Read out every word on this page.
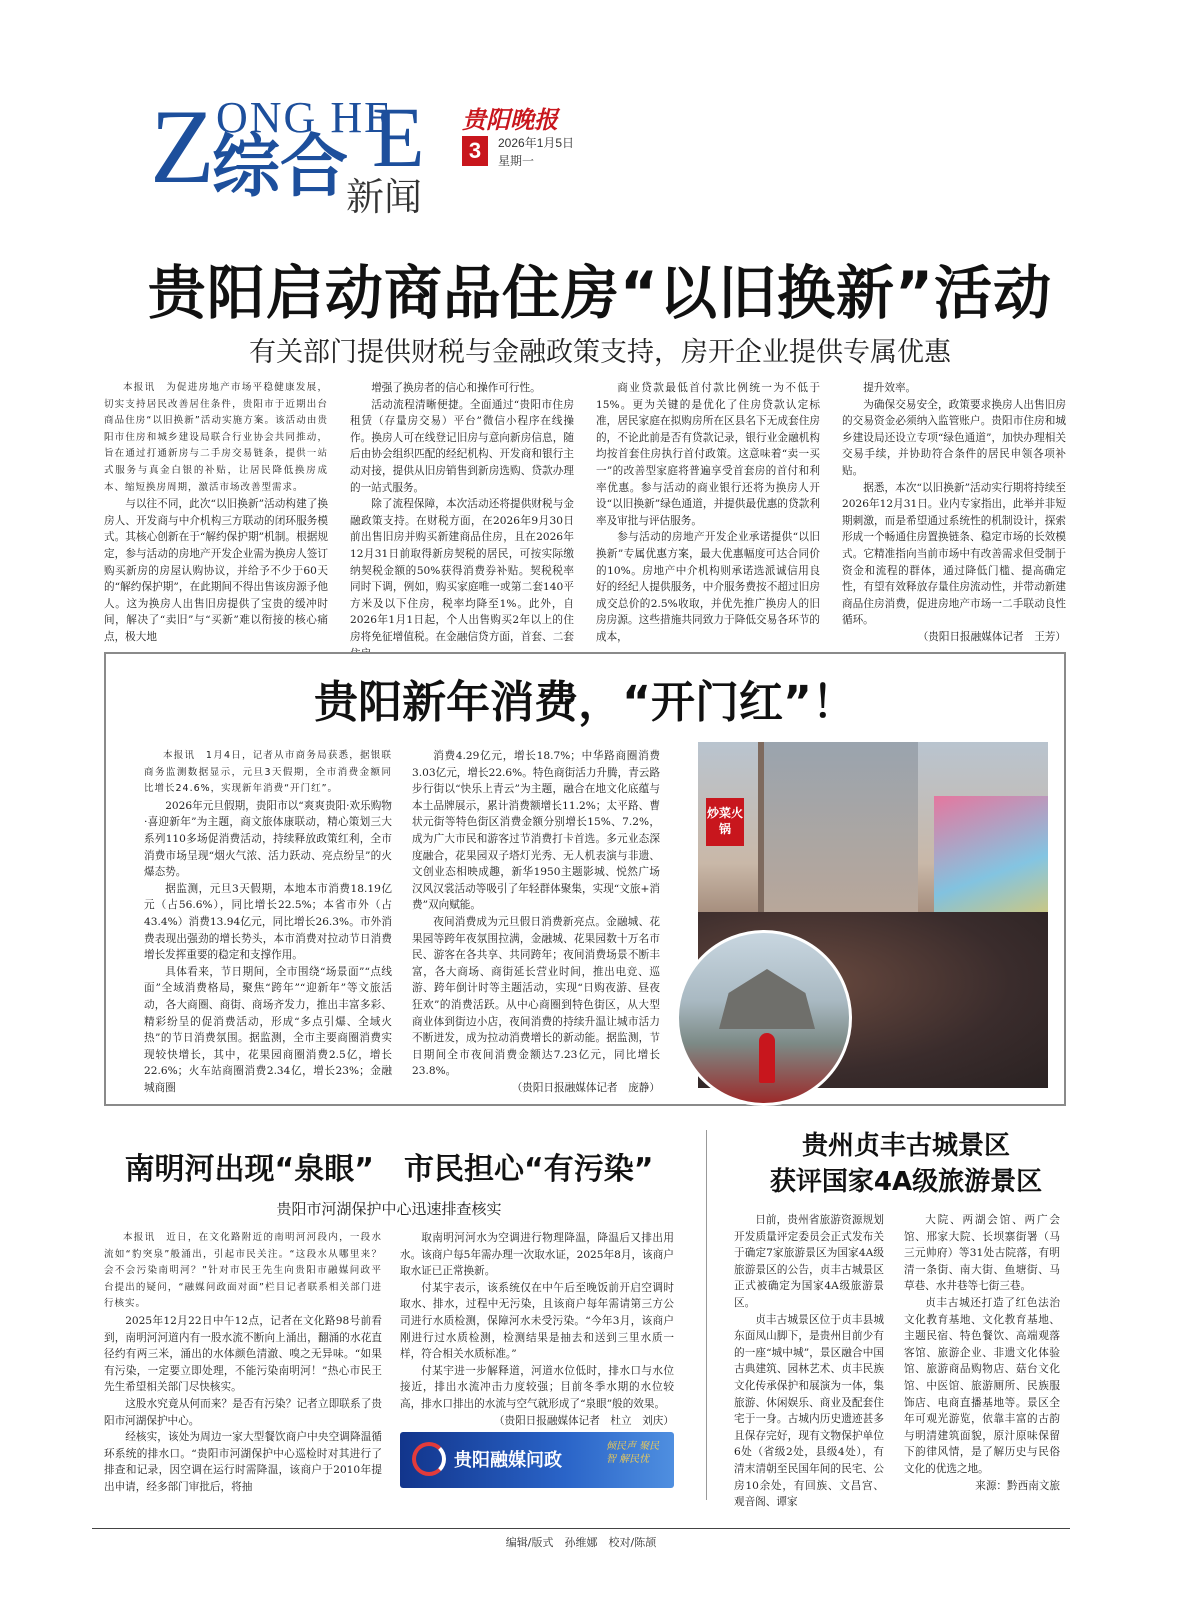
Z ONG HE
E
综合
新闻
贵阳晚报
3	2026年1月5日
星期一
贵阳启动商品住房“以旧换新”活动
有关部门提供财税与金融政策支持，房开企业提供专属优惠

本报讯　为促进房地产市场平稳健康发展，切实支持居民改善居住条件，贵阳市于近期出台商品住房“以旧换新”活动实施方案。该活动由贵阳市住房和城乡建设局联合行业协会共同推动，旨在通过打通新房与二手房交易链条，提供一站式服务与真金白银的补贴，让居民降低换房成本、缩短换房周期，激活市场改善型需求。

与以往不同，此次“以旧换新”活动构建了换房人、开发商与中介机构三方联动的闭环服务模式。其核心创新在于“解约保护期”机制。根据规定，参与活动的房地产开发企业需为换房人签订购买新房的房屋认购协议，并给予不少于60天的“解约保护期”，在此期间不得出售该房源予他人。这为换房人出售旧房提供了宝贵的缓冲时间，解决了“卖旧”与“买新”难以衔接的核心痛点，极大地

增强了换房者的信心和操作可行性。

活动流程清晰便捷。全面通过“贵阳市住房租赁（存量房交易）平台”微信小程序在线操作。换房人可在线登记旧房与意向新房信息，随后由协会组织匹配的经纪机构、开发商和银行主动对接，提供从旧房销售到新房选购、贷款办理的一站式服务。

除了流程保障，本次活动还将提供财税与金融政策支持。在财税方面，在2026年9月30日前出售旧房并购买新建商品住房，且在2026年12月31日前取得新房契税的居民，可按实际缴纳契税金额的50%获得消费券补贴。契税税率同时下调，例如，购买家庭唯一或第二套140平方米及以下住房，税率均降至1%。此外，自2026年1月1日起，个人出售购买2年以上的住房将免征增值税。在金融信贷方面，首套、二套

商业贷款最低首付款比例统一为不低于15%。更为关键的是优化了住房贷款认定标准，居民家庭在拟购房所在区县名下无成套住房的，不论此前是否有贷款记录，银行业金融机构均按首套住房执行首付政策。这意味着“卖一买一”的改善型家庭将普遍享受首套房的首付和利率优惠。参与活动的商业银行还将为换房人开设“以旧换新”绿色通道，并提供最优惠的贷款利率及审批与评估服务。

参与活动的房地产开发企业承诺提供“以旧换新”专属优惠方案，最大优惠幅度可达合同价的10%。房地产中介机构则承诺选派诚信用良好的经纪人提供服务，中介服务费按不超过旧房成交总价的2.5%收取，并优先推广换房人的旧房房源。这些措施共同致力于降低交易各环节的成本，

提升效率。

为确保交易安全，政策要求换房人出售旧房的交易资金必须纳入监管账户。贵阳市住房和城乡建设局还设立专项“绿色通道”，加快办理相关交易手续，并协助符合条件的居民申领各项补贴。

据悉，本次“以旧换新”活动实行期将持续至2026年12月31日。业内专家指出，此举并非短期刺激，而是希望通过系统性的机制设计，探索形成一个畅通住房置换链条、稳定市场的长效模式。它精准指向当前市场中有改善需求但受制于资金和流程的群体，通过降低门槛、提高确定性，有望有效释放存量住房流动性，并带动新建商品住房消费，促进房地产市场一二手联动良性循环。

（贵阳日报融媒体记者　王芳）

贵阳新年消费，“开门红”！

本报讯　1月4日，记者从市商务局获悉，据银联商务监测数据显示，元旦3天假期，全市消费金额同比增长24.6%，实现新年消费“开门红”。

2026年元旦假期，贵阳市以“爽爽贵阳·欢乐购物·喜迎新年”为主题，商文旅体康联动，精心策划三大系列110多场促消费活动，持续释放政策红利，全市消费市场呈现“烟火气浓、活力跃动、亮点纷呈”的火爆态势。

据监测，元旦3天假期，本地本市消费18.19亿元（占56.6%），同比增长22.5%；本省市外（占43.4%）消费13.94亿元，同比增长26.3%。市外消费表现出强劲的增长势头，本市消费对拉动节日消费增长发挥重要的稳定和支撑作用。

具体看来，节日期间，全市围绕“场景面”“点线面”全域消费格局，聚焦“跨年”“迎新年”等文旅活动，各大商圈、商街、商场齐发力，推出丰富多彩、精彩纷呈的促消费活动，形成“多点引爆、全域火热”的节日消费氛围。据监测，全市主要商圈消费实现较快增长，其中，花果园商圈消费2.5亿，增长22.6%；火车站商圈消费2.34亿，增长23%；金融城商圈

消费4.29亿元，增长18.7%；中华路商圈消费3.03亿元，增长22.6%。特色商街活力升腾，青云路步行街以“快乐上青云”为主题，融合在地文化底蕴与本土品牌展示，累计消费额增长11.2%；太平路、曹状元街等特色街区消费金额分别增长15%、7.2%，成为广大市民和游客过节消费打卡首选。多元业态深度融合，花果园双子塔灯光秀、无人机表演与非遗、文创业态相映成趣，新华1950主题影城、悦然广场汉风汉裳活动等吸引了年轻群体聚集，实现“文旅+消费”双向赋能。

夜间消费成为元旦假日消费新亮点。金融城、花果园等跨年夜氛围拉满，金融城、花果园数十万名市民、游客在各共享、共同跨年；夜间消费场景不断丰富，各大商场、商街延长营业时间，推出电竞、巡游、跨年倒计时等主题活动，实现“日购夜游、昼夜狂欢”的消费活跃。从中心商圈到特色街区，从大型商业体到街边小店，夜间消费的持续升温让城市活力不断迸发，成为拉动消费增长的新动能。据监测，节日期间全市夜间消费金额达7.23亿元，同比增长23.8%。

（贵阳日报融媒体记者　庞静）

炒菜火锅
南明河出现“泉眼”　市民担心“有污染”
贵阳市河湖保护中心迅速排查核实

本报讯　近日，在文化路附近的南明河河段内，一段水流如“豹突泉”般涌出，引起市民关注。“这段水从哪里来？会不会污染南明河？”针对市民王先生向贵阳市融媒问政平台提出的疑问，“融媒问政面对面”栏目记者联系相关部门进行核实。

2025年12月22日中午12点，记者在文化路98号前看到，南明河河道内有一股水流不断向上涌出，翻涌的水花直径约有两三米，涌出的水体颜色清澈、嗅之无异味。“如果有污染，一定要立即处理，不能污染南明河！”热心市民王先生希望相关部门尽快核实。

这股水究竟从何而来？是否有污染？记者立即联系了贵阳市河湖保护中心。

经核实，该处为周边一家大型餐饮商户中央空调降温循环系统的排水口。“贵阳市河湖保护中心巡检时对其进行了排查和记录，因空调在运行时需降温，该商户于2010年提出申请，经多部门审批后，将抽

取南明河河水为空调进行物理降温，降温后又排出用水。该商户每5年需办理一次取水证，2025年8月，该商户取水证已正常换新。

付某宇表示，该系统仅在中午后至晚饭前开启空调时取水、排水，过程中无污染，且该商户每年需请第三方公司进行水质检测，保障河水未受污染。“今年3月，该商户刚进行过水质检测，检测结果是抽去和送到三里水质一样，符合相关水质标准。”

付某宇进一步解释道，河道水位低时，排水口与水位接近，排出水流冲击力度较强；目前冬季水期的水位较高，排水口排出的水流与空气就形成了“泉眼”般的效果。

（贵阳日报融媒体记者　杜立　刘庆）

贵阳融媒问政
倾民声 聚民智 解民忧
贵州贞丰古城景区
获评国家4A级旅游景区

日前，贵州省旅游资源规划开发质量评定委员会正式发布关于确定7家旅游景区为国家4A级旅游景区的公告，贞丰古城景区正式被确定为国家4A级旅游景区。

贞丰古城景区位于贞丰县城东面凤山脚下，是贵州目前少有的一座“城中城”，景区融合中国古典建筑、园林艺术、贞丰民族文化传承保护和展演为一体，集旅游、休闲娱乐、商业及配套住宅于一身。古城内历史遗迹甚多且保存完好，现有文物保护单位6处（省级2处，县级4处），有清末清朝至民国年间的民宅、公房10余处，有回族、文昌宫、观音阁、谭家

大院、两湖会馆、两广会馆、邢家大院、长坝寨街署（马三元帅府）等31处古院落，有明清一条街、南大街、鱼塘街、马草巷、水井巷等七街三巷。

贞丰古城还打造了红色法治文化教育基地、文化教育基地、主题民宿、特色餐饮、高端观落客馆、旅游企业、非遗文化体验馆、旅游商品购物店、菇台文化馆、中医馆、旅游厕所、民族服饰店、电商直播基地等。景区全年可观光游览，依靠丰富的古韵与明清建筑面貌，原汁原味保留下韵律风情，是了解历史与民俗文化的优选之地。

来源：黔西南文旅

编辑/版式　孙维娜　校对/陈颉
